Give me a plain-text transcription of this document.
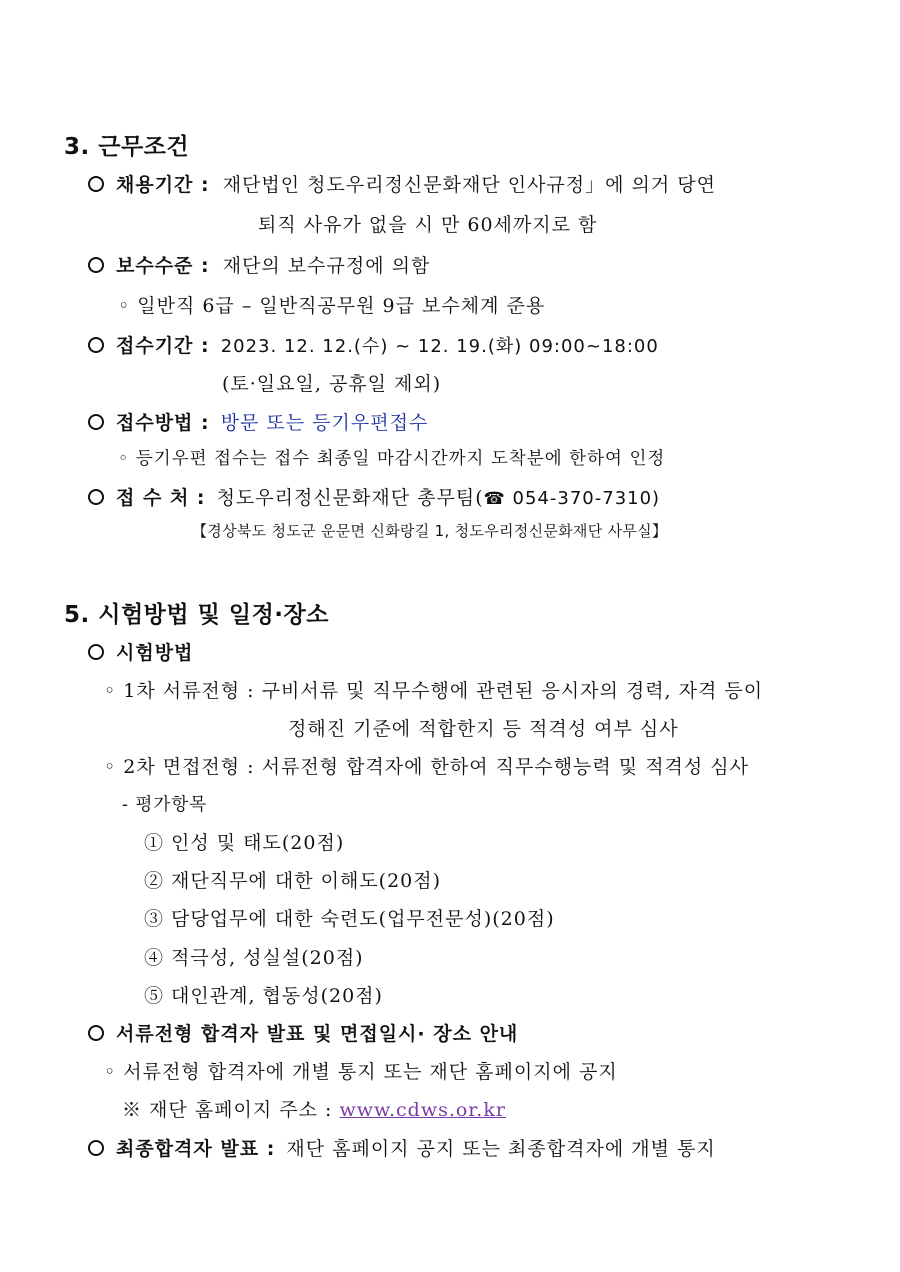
3. 근무조건
채용기간 : 재단법인 청도우리정신문화재단 인사규정」에 의거 당연
퇴직 사유가 없을 시 만 60세까지로 함
보수수준 : 재단의 보수규정에 의함
◦ 일반직 6급 – 일반직공무원 9급 보수체계 준용
접수기간 : 2023. 12. 12.(수) ~ 12. 19.(화) 09:00~18:00
(토·일요일, 공휴일 제외)
접수방법 : 방문 또는 등기우편접수
◦ 등기우편 접수는 접수 최종일 마감시간까지 도착분에 한하여 인정
접 수 처 : 청도우리정신문화재단 총무팀(☎ 054-370-7310)
【경상북도 청도군 운문면 신화랑길 1, 청도우리정신문화재단 사무실】
5. 시험방법 및 일정·장소
시험방법
◦ 1차 서류전형 : 구비서류 및 직무수행에 관련된 응시자의 경력, 자격 등이
정해진 기준에 적합한지 등 적격성 여부 심사
◦ 2차 면접전형 : 서류전형 합격자에 한하여 직무수행능력 및 적격성 심사
- 평가항목
① 인성 및 태도(20점)
② 재단직무에 대한 이해도(20점)
③ 담당업무에 대한 숙련도(업무전문성)(20점)
④ 적극성, 성실설(20점)
⑤ 대인관계, 협동성(20점)
서류전형 합격자 발표 및 면접일시· 장소 안내
◦ 서류전형 합격자에 개별 통지 또는 재단 홈페이지에 공지
※ 재단 홈페이지 주소 : www.cdws.or.kr
최종합격자 발표 : 재단 홈페이지 공지 또는 최종합격자에 개별 통지
